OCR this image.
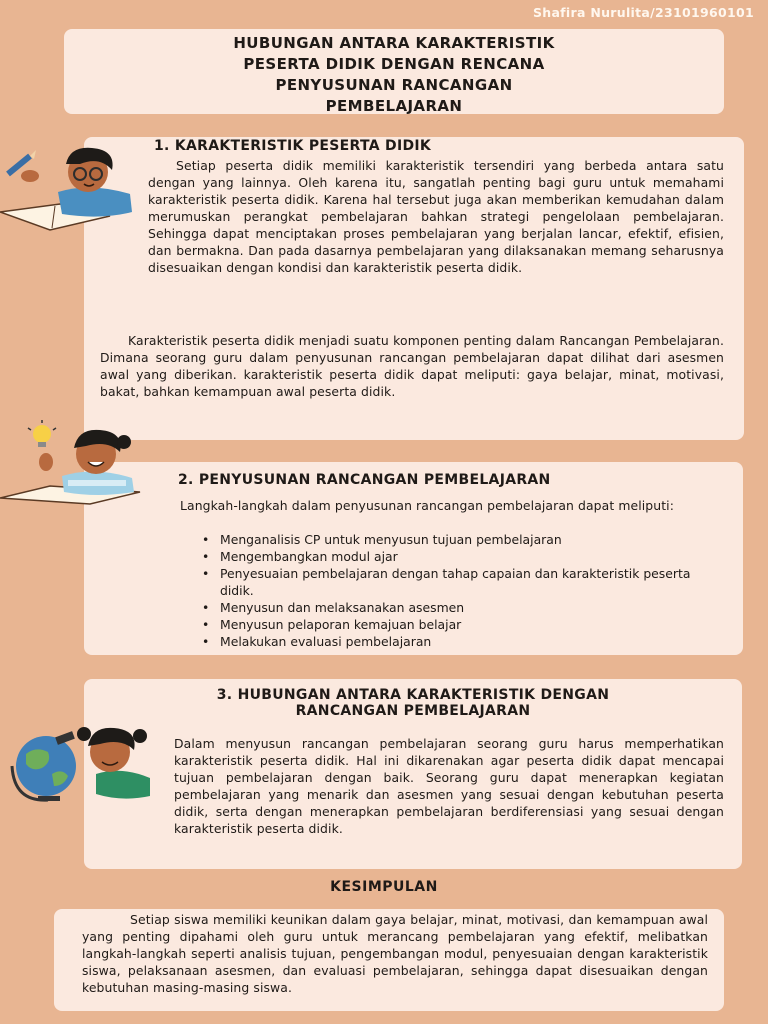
Shafira Nurulita/23101960101
HUBUNGAN ANTARA KARAKTERISTIK
PESERTA DIDIK DENGAN RENCANA
PENYUSUNAN RANCANGAN
PEMBELAJARAN
1. KARAKTERISTIK PESERTA DIDIK

Setiap peserta didik memiliki karakteristik tersendiri yang berbeda antara satu dengan yang lainnya. Oleh karena itu, sangatlah penting bagi guru untuk memahami karakteristik peserta didik. Karena hal tersebut juga akan memberikan kemudahan dalam merumuskan perangkat pembelajaran bahkan strategi pengelolaan pembelajaran. Sehingga dapat menciptakan proses pembelajaran yang berjalan lancar, efektif, efisien, dan bermakna. Dan pada dasarnya pembelajaran yang dilaksanakan memang seharusnya disesuaikan dengan kondisi dan karakteristik peserta didik.

Karakteristik peserta didik menjadi suatu komponen penting dalam Rancangan Pembelajaran. Dimana seorang guru dalam penyusunan rancangan pembelajaran dapat dilihat dari asesmen awal yang diberikan. karakteristik peserta didik dapat meliputi: gaya belajar, minat, motivasi, bakat, bahkan kemampuan awal peserta didik.

2. PENYUSUNAN RANCANGAN PEMBELAJARAN

Langkah-langkah dalam penyusunan rancangan pembelajaran dapat meliputi:

• Menganalisis CP untuk menyusun tujuan pembelajaran
• Mengembangkan modul ajar
• Penyesuaian pembelajaran dengan tahap capaian dan karakteristik peserta didik.
• Menyusun dan melaksanakan asesmen
• Menyusun pelaporan kemajuan belajar
• Melakukan evaluasi pembelajaran
3. HUBUNGAN ANTARA KARAKTERISTIK DENGAN
RANCANGAN PEMBELAJARAN

Dalam menyusun rancangan pembelajaran seorang guru harus memperhatikan karakteristik peserta didik. Hal ini dikarenakan agar peserta didik dapat mencapai tujuan pembelajaran dengan baik. Seorang guru dapat menerapkan kegiatan pembelajaran yang menarik dan asesmen yang sesuai dengan kebutuhan peserta didik, serta dengan menerapkan pembelajaran berdiferensiasi yang sesuai dengan karakteristik peserta didik.

KESIMPULAN

Setiap siswa memiliki keunikan dalam gaya belajar, minat, motivasi, dan kemampuan awal yang penting dipahami oleh guru untuk merancang pembelajaran yang efektif, melibatkan langkah-langkah seperti analisis tujuan, pengembangan modul, penyesuaian dengan karakteristik siswa, pelaksanaan asesmen, dan evaluasi pembelajaran, sehingga dapat disesuaikan dengan kebutuhan masing-masing siswa.
